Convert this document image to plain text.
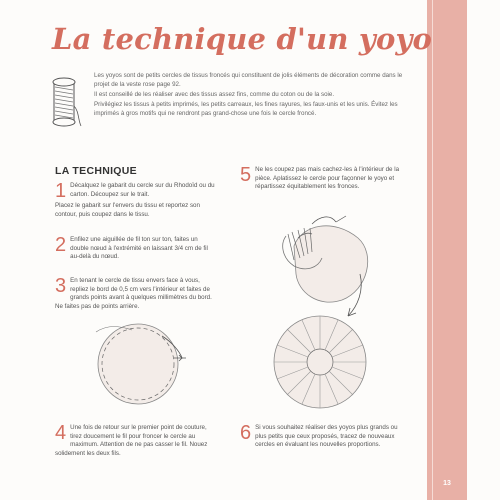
13
La technique d'un yoyo

Les yoyos sont de petits cercles de tissus froncés qui constituent de jolis éléments de décoration comme dans le projet de la veste rose page 92.

Il est conseillé de les réaliser avec des tissus assez fins, comme du coton ou de la soie.

Privilégiez les tissus à petits imprimés, les petits carreaux, les fines rayures, les faux-unis et les unis. Évitez les imprimés à gros motifs qui ne rendront pas grand-chose une fois le cercle froncé.

LA TECHNIQUE
1 Décalquez le gabarit du cercle sur du Rhodoïd ou du carton. Découpez sur le trait.

Placez le gabarit sur l'envers du tissu et reportez son contour, puis coupez dans le tissu.

2 Enfilez une aiguillée de fil ton sur ton, faites un double nœud à l'extrémité en laissant 3/4 cm de fil au-delà du nœud.

3 En tenant le cercle de tissu envers face à vous, repliez le bord de 0,5 cm vers l'intérieur et faites de grands points avant à quelques millimètres du bord. Ne faites pas de points arrière.

4 Une fois de retour sur le premier point de couture, tirez doucement le fil pour froncer le cercle au maximum. Attention de ne pas casser le fil. Nouez solidement les deux fils.

5 Ne les coupez pas mais cachez-les à l'intérieur de la pièce. Aplatissez le cercle pour façonner le yoyo et répartissez équitablement les fronces.

6 Si vous souhaitez réaliser des yoyos plus grands ou plus petits que ceux proposés, tracez de nouveaux cercles en évaluant les nouvelles proportions.
